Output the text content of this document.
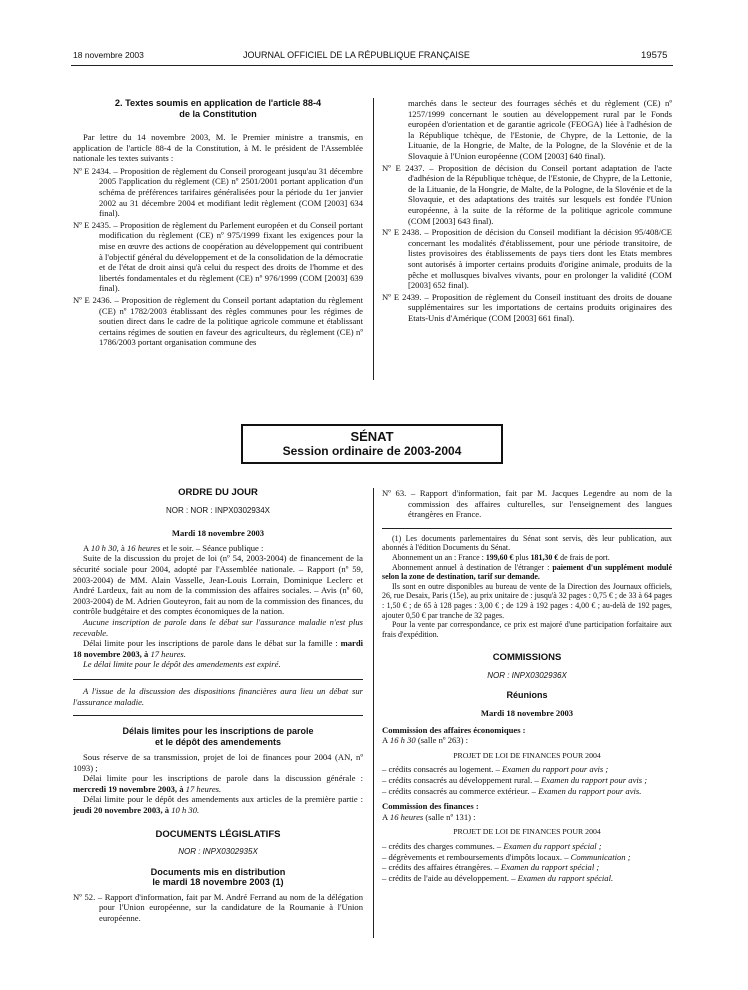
18 novembre 2003	JOURNAL OFFICIEL DE LA RÉPUBLIQUE FRANÇAISE	19575
2. Textes soumis en application de l'article 88-4
de la Constitution

Par lettre du 14 novembre 2003, M. le Premier ministre a transmis, en application de l'article 88-4 de la Constitution, à M. le président de l'Assemblée nationale les textes suivants :

Nº E 2434. – Proposition de règlement du Conseil prorogeant jusqu'au 31 décembre 2005 l'application du règlement (CE) nº 2501/2001 portant application d'un schéma de préférences tarifaires généralisées pour la période du 1er janvier 2002 au 31 décembre 2004 et modifiant ledit règlement (COM [2003] 634 final).
Nº E 2435. – Proposition de règlement du Parlement européen et du Conseil portant modification du règlement (CE) nº 975/1999 fixant les exigences pour la mise en œuvre des actions de coopération au développement qui contribuent à l'objectif général du développement et de la consolidation de la démocratie et de l'état de droit ainsi qu'à celui du respect des droits de l'homme et des libertés fondamentales et du règlement (CE) nº 976/1999 (COM [2003] 639 final).
Nº E 2436. – Proposition de règlement du Conseil portant adaptation du règlement (CE) nº 1782/2003 établissant des règles communes pour les régimes de soutien direct dans le cadre de la politique agricole commune et établissant certains régimes de soutien en faveur des agriculteurs, du règlement (CE) nº 1786/2003 portant organisation commune des

marchés dans le secteur des fourrages séchés et du règlement (CE) nº 1257/1999 concernant le soutien au développement rural par le Fonds européen d'orientation et de garantie agricole (FEOGA) liée à l'adhésion de la République tchèque, de l'Estonie, de Chypre, de la Lettonie, de la Lituanie, de la Hongrie, de Malte, de la Pologne, de la Slovénie et de la Slovaquie à l'Union européenne (COM [2003] 640 final).

Nº E 2437. – Proposition de décision du Conseil portant adaptation de l'acte d'adhésion de la République tchèque, de l'Estonie, de Chypre, de la Lettonie, de la Lituanie, de la Hongrie, de Malte, de la Pologne, de la Slovénie et de la Slovaquie, et des adaptations des traités sur lesquels est fondée l'Union européenne, à la suite de la réforme de la politique agricole commune (COM [2003] 643 final).
Nº E 2438. – Proposition de décision du Conseil modifiant la décision 95/408/CE concernant les modalités d'établissement, pour une période transitoire, de listes provisoires des établissements de pays tiers dont les Etats membres sont autorisés à importer certains produits d'origine animale, produits de la pêche et mollusques bivalves vivants, pour en prolonger la validité (COM [2003] 652 final).
Nº E 2439. – Proposition de règlement du Conseil instituant des droits de douane supplémentaires sur les importations de certains produits originaires des Etats-Unis d'Amérique (COM [2003] 661 final).
SÉNAT
Session ordinaire de 2003-2004
ORDRE DU JOUR
NOR : NOR : INPX0302934X
Mardi 18 novembre 2003

A 10 h 30, à 16 heures et le soir. – Séance publique :

Suite de la discussion du projet de loi (nº 54, 2003-2004) de financement de la sécurité sociale pour 2004, adopté par l'Assemblée nationale. – Rapport (nº 59, 2003-2004) de MM. Alain Vasselle, Jean-Louis Lorrain, Dominique Leclerc et André Lardeux, fait au nom de la commission des affaires sociales. – Avis (nº 60, 2003-2004) de M. Adrien Gouteyron, fait au nom de la commission des finances, du contrôle budgétaire et des comptes économiques de la nation.

Aucune inscription de parole dans le débat sur l'assurance maladie n'est plus recevable.

Délai limite pour les inscriptions de parole dans le débat sur la famille : mardi 18 novembre 2003, à 17 heures.

Le délai limite pour le dépôt des amendements est expiré.

A l'issue de la discussion des dispositions financières aura lieu un débat sur l'assurance maladie.

Délais limites pour les inscriptions de parole
et le dépôt des amendements

Sous réserve de sa transmission, projet de loi de finances pour 2004 (AN, nº 1093) ;

Délai limite pour les inscriptions de parole dans la discussion générale : mercredi 19 novembre 2003, à 17 heures.

Délai limite pour le dépôt des amendements aux articles de la première partie : jeudi 20 novembre 2003, à 10 h 30.

DOCUMENTS LÉGISLATIFS
NOR : INPX0302935X
Documents mis en distribution
le mardi 18 novembre 2003 (1)
Nº 52. – Rapport d'information, fait par M. André Ferrand au nom de la délégation pour l'Union européenne, sur la candidature de la Roumanie à l'Union européenne.
Nº 63. – Rapport d'information, fait par M. Jacques Legendre au nom de la commission des affaires culturelles, sur l'enseignement des langues étrangères en France.

(1) Les documents parlementaires du Sénat sont servis, dès leur publication, aux abonnés à l'édition Documents du Sénat.

Abonnement un an : France : 199,60 € plus 181,30 € de frais de port.

Abonnement annuel à destination de l'étranger : paiement d'un supplément modulé selon la zone de destination, tarif sur demande.

Ils sont en outre disponibles au bureau de vente de la Direction des Journaux officiels, 26, rue Desaix, Paris (15e), au prix unitaire de : jusqu'à 32 pages : 0,75 € ; de 33 à 64 pages : 1,50 € ; de 65 à 128 pages : 3,00 € ; de 129 à 192 pages : 4,00 € ; au-delà de 192 pages, ajouter 0,50 € par tranche de 32 pages.

Pour la vente par correspondance, ce prix est majoré d'une participation forfaitaire aux frais d'expédition.

COMMISSIONS
NOR : INPX0302936X
Réunions
Mardi 18 novembre 2003

Commission des affaires économiques :

A 16 h 30 (salle nº 263) :

PROJET DE LOI DE FINANCES POUR 2004

– crédits consacrés au logement. – Examen du rapport pour avis ;

– crédits consacrés au développement rural. – Examen du rapport pour avis ;

– crédits consacrés au commerce extérieur. – Examen du rapport pour avis.

Commission des finances :

A 16 heures (salle nº 131) :

PROJET DE LOI DE FINANCES POUR 2004

– crédits des charges communes. – Examen du rapport spécial ;

– dégrèvements et remboursements d'impôts locaux. – Communication ;

– crédits des affaires étrangères. – Examen du rapport spécial ;

– crédits de l'aide au développement. – Examen du rapport spécial.
